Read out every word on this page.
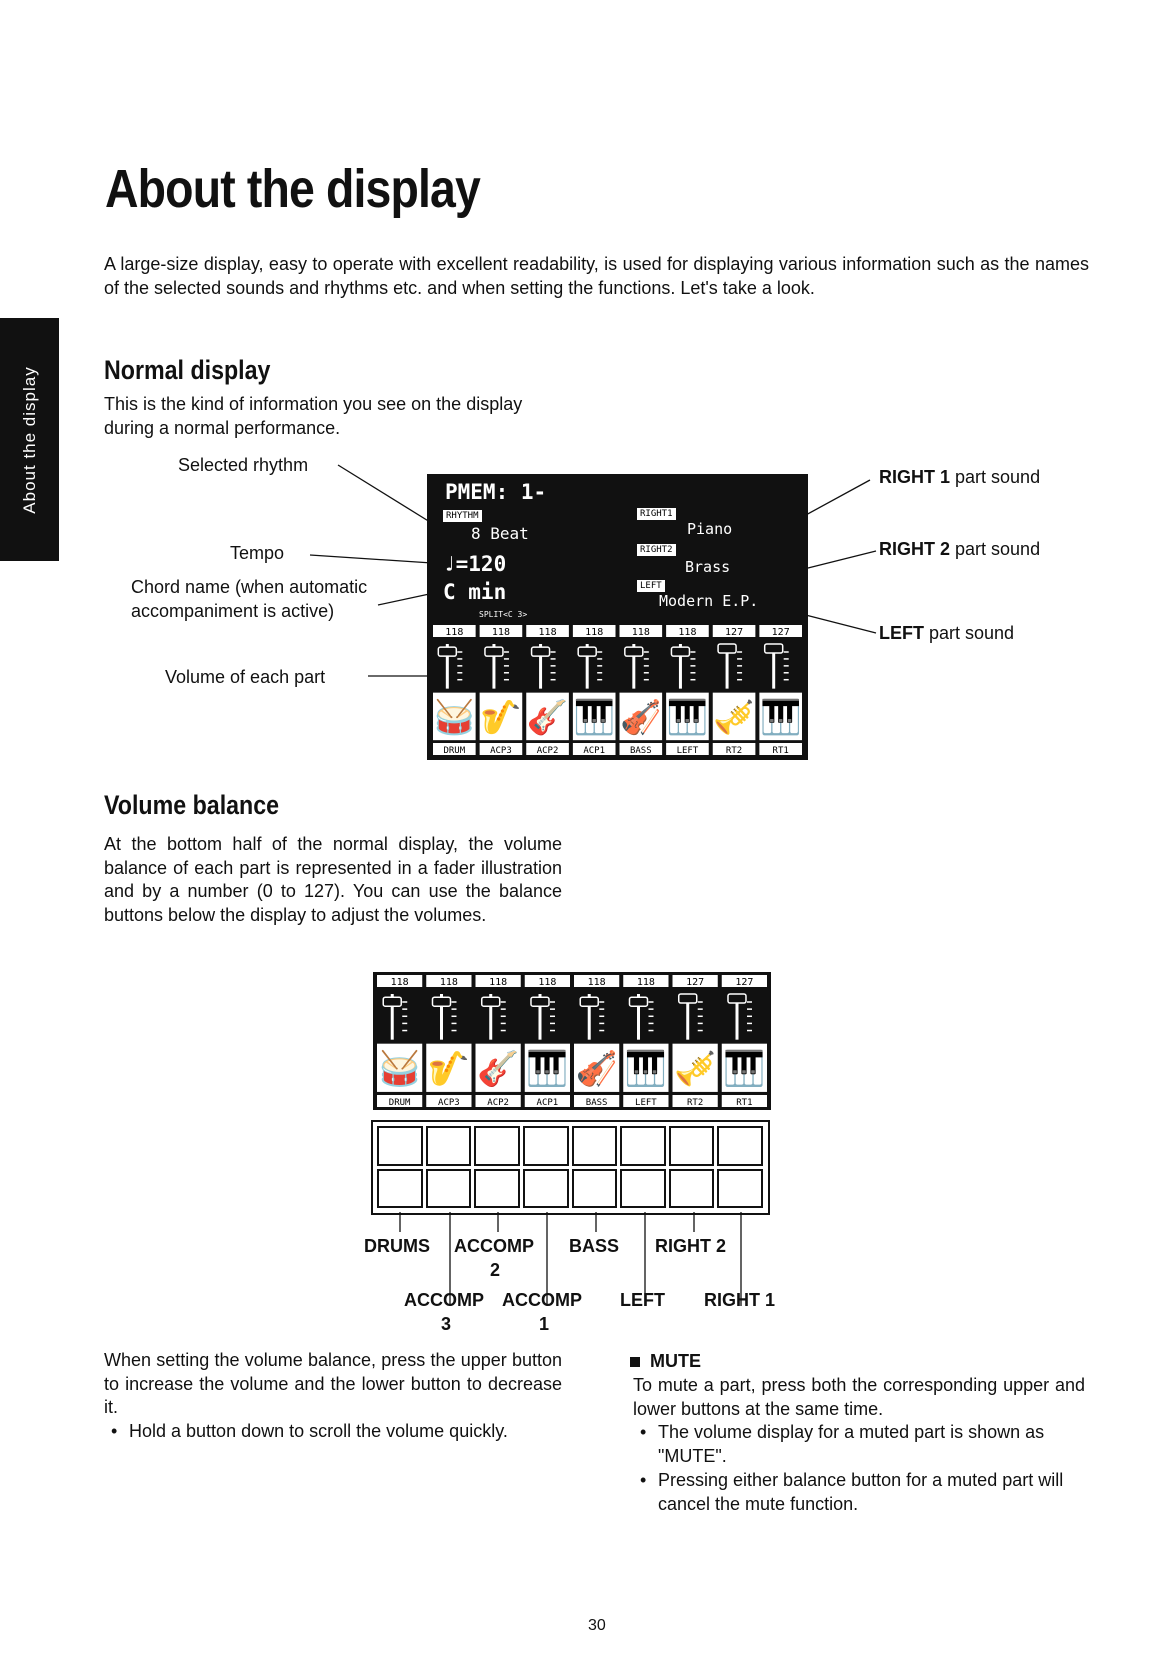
About the display
About the display
A large-size display, easy to operate with excellent readability, is used for displaying various information such as the names of the selected sounds and rhythms etc. and when setting the functions. Let's take a look.
Normal display
This is the kind of information you see on the display during a normal performance.
Selected rhythm
Tempo
Chord name (when automatic accompaniment is active)
Volume of each part
RIGHT 1 part sound
RIGHT 2 part sound
LEFT part sound
PMEM: 1-
RHYTHM
8 Beat
♩=120
C min
SPLIT<C 3>
RIGHT1
Piano
RIGHT2
Brass
LEFT
Modern E.P.
118
🥁
DRUM
118
🎷
ACP3
118
🎸
ACP2
118
🎹
ACP1
118
🎻
BASS
118
🎹
LEFT
127
🎺
RT2
127
🎹
RT1
Volume balance
At the bottom half of the normal display, the volume balance of each part is represented in a fader illustration and by a number (0 to 127). You can use the balance buttons below the display to adjust the volumes.
118
🥁
DRUM
118
🎷
ACP3
118
🎸
ACP2
118
🎹
ACP1
118
🎻
BASS
118
🎹
LEFT
127
🎺
RT2
127
🎹
RT1
DRUMS ACCOMP
2
BASS RIGHT 2
ACCOMP
3
ACCOMP
1
LEFT RIGHT 1
When setting the volume balance, press the upper button to increase the volume and the lower button to decrease it.
• Hold a button down to scroll the volume quickly.
MUTE
To mute a part, press both the corresponding upper and lower buttons at the same time.
• The volume display for a muted part is shown as "MUTE".
• Pressing either balance button for a muted part will cancel the mute function.
30
